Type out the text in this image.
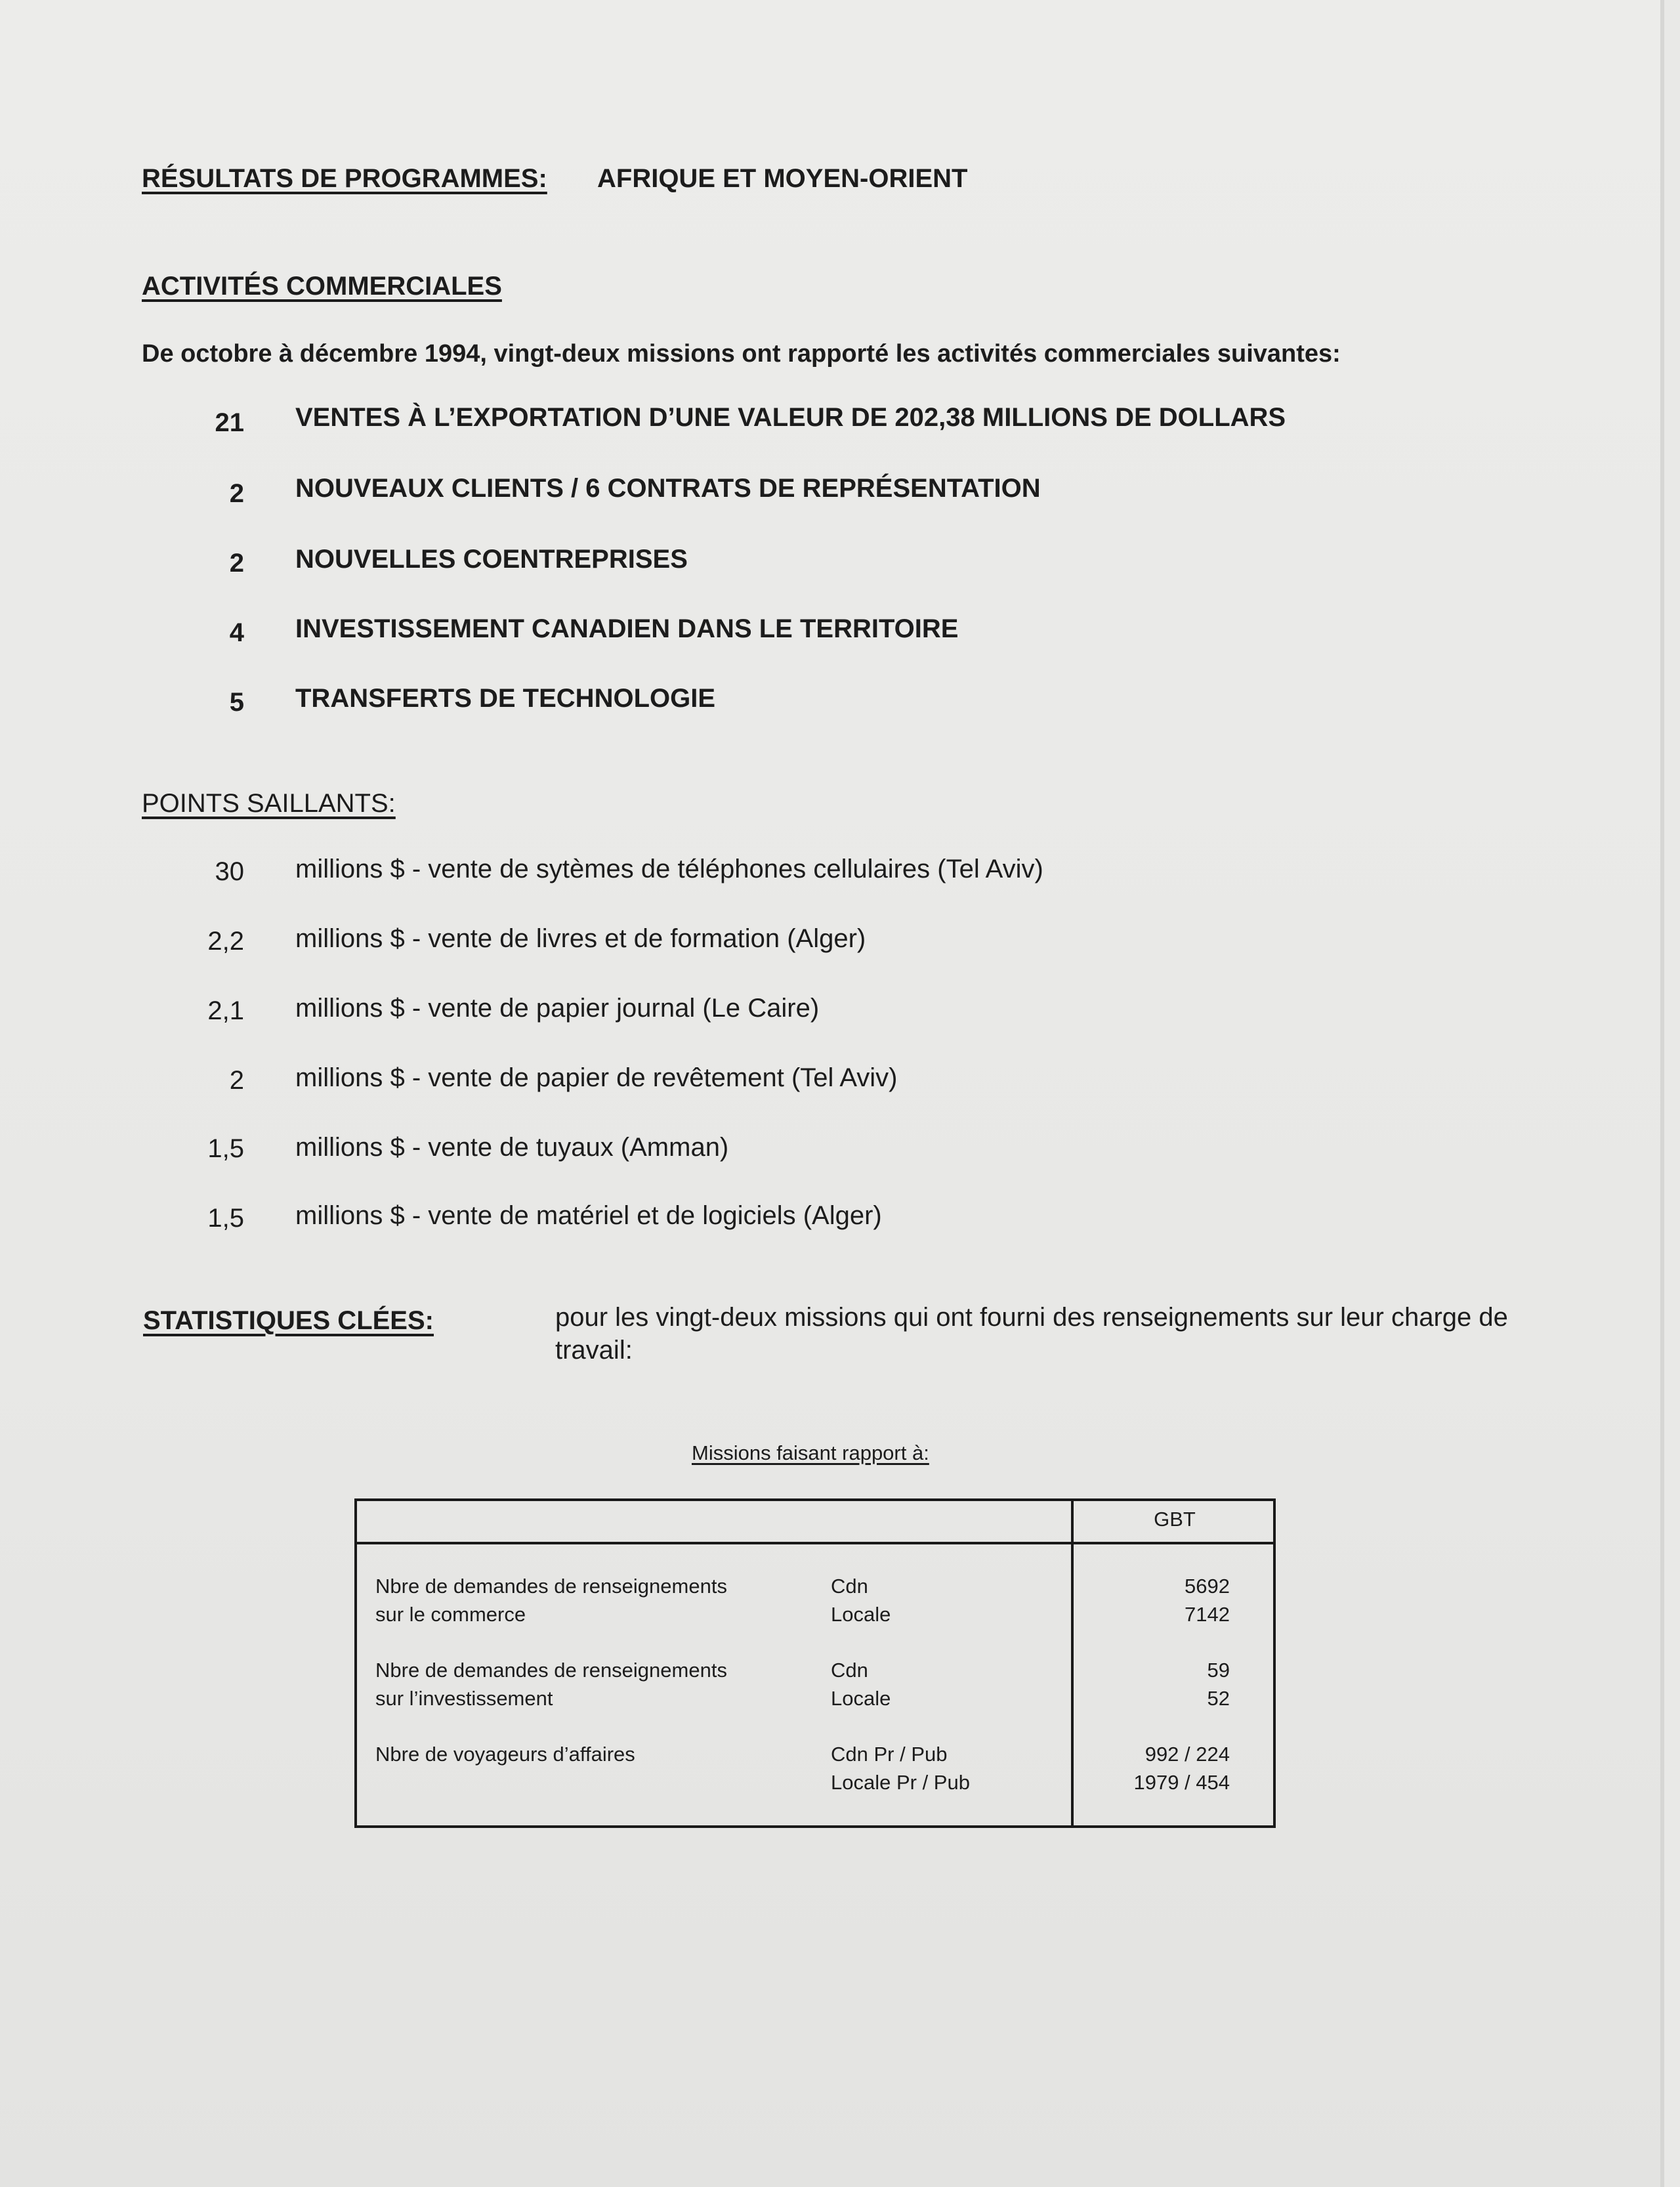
RÉSULTATS DE PROGRAMMES: AFRIQUE ET MOYEN-ORIENT
ACTIVITÉS COMMERCIALES
De octobre à décembre 1994, vingt-deux missions ont rapporté les activités commerciales suivantes:
21 VENTES À L’EXPORTATION D’UNE VALEUR DE 202,38 MILLIONS DE DOLLARS
2 NOUVEAUX CLIENTS / 6 CONTRATS DE REPRÉSENTATION
2 NOUVELLES COENTREPRISES
4 INVESTISSEMENT CANADIEN DANS LE TERRITOIRE
5 TRANSFERTS DE TECHNOLOGIE
POINTS SAILLANTS:
30 millions $ - vente de sytèmes de téléphones cellulaires (Tel Aviv)
2,2 millions $ - vente de livres et de formation (Alger)
2,1 millions $ - vente de papier journal (Le Caire)
2 millions $ - vente de papier de revêtement (Tel Aviv)
1,5 millions $ - vente de tuyaux (Amman)
1,5 millions $ - vente de matériel et de logiciels (Alger)
STATISTIQUES CLÉES:	pour les vingt-deux missions qui ont fourni des renseignements sur leur charge de travail:
Missions faisant rapport à:
GBT
Nbre de demandes de renseignements
sur le commerce
Cdn
Locale
5692
7142
Nbre de demandes de renseignements
sur l’investissement
Cdn
Locale
59
52
Nbre de voyageurs d’affaires	Cdn Pr / Pub
Locale Pr / Pub
992 / 224
1979 / 454
